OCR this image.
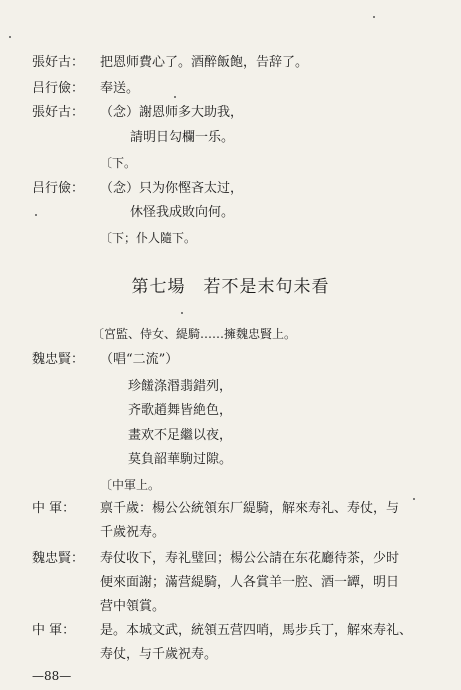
張好古：	把恩师費心了。酒醉飯飽，告辞了。
吕行儉：	奉送。
張好古：	（念）謝恩师多大助我，
請明日勾欄一乐。
〔下。
吕行儉：	（念）只为你慳吝太过，
休怪我成敗向何。
〔下；仆人隨下。
第七場 若不是末句未看
〔宮監、侍女、緹騎……擁魏忠賢上。
魏忠賢：	（唱“二流”）
珍饈涤湣翡錯列，
齐歌趙舞皆絶色，
畫欢不足繼以夜，
莫負韶華駒过隙。
〔中軍上。
中 軍：	禀千歲：楊公公統領东厂緹騎，解來寿礼、寿仗，与
千歲祝寿。
魏忠賢：	寿仗收下，寿礼璧回；楊公公請在东花廳待茶，少时
便來面謝；滿营緹騎，人各賞羊一腔、酒一罈，明日
营中領賞。
中 軍：	是。本城文武，統領五营四哨，馬步兵丁，解來寿礼、
寿仗，与千歲祝寿。
—88—
